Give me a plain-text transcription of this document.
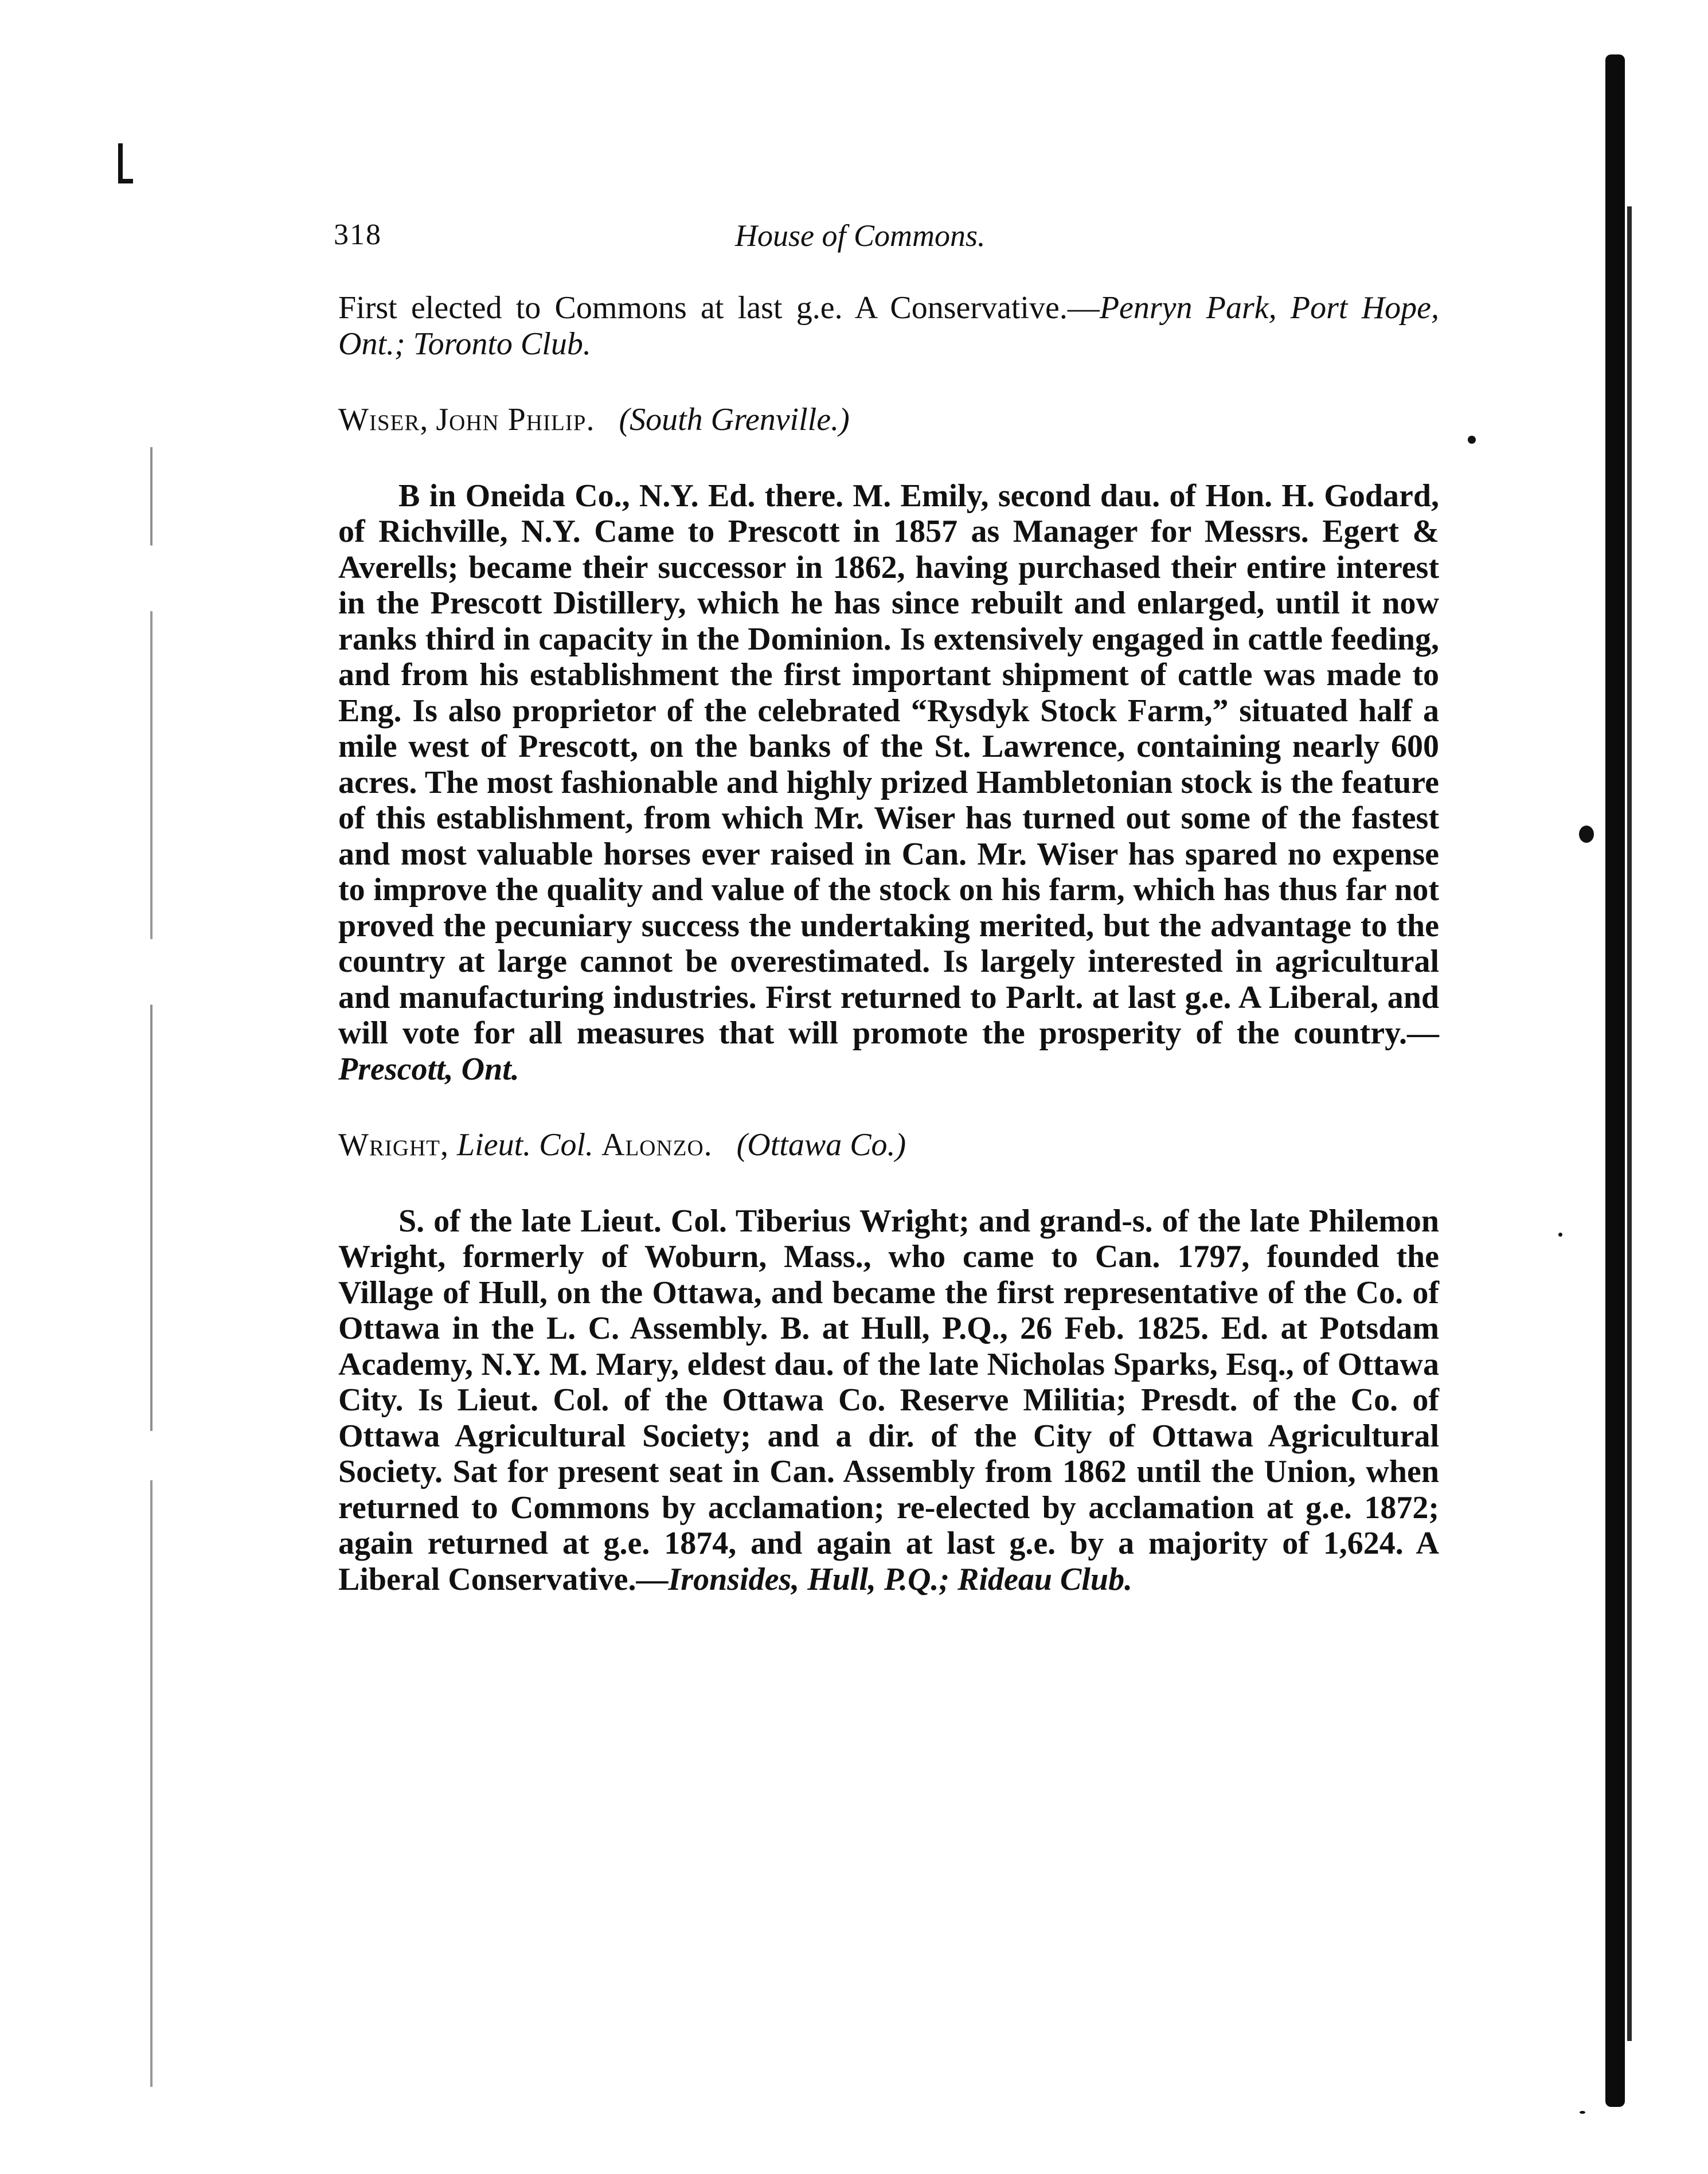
318	House of Commons.

First elected to Commons at last g.e. A Conservative.—Penryn Park, Port Hope, Ont.; Toronto Club.

Wiser, John Philip. (South Grenville.)

B in Oneida Co., N.Y. Ed. there. M. Emily, second dau. of Hon. H. Godard, of Richville, N.Y. Came to Prescott in 1857 as Manager for Messrs. Egert & Averells; became their successor in 1862, having purchased their entire interest in the Prescott Distillery, which he has since rebuilt and enlarged, until it now ranks third in capacity in the Dominion. Is extensively engaged in cattle feeding, and from his establishment the first important shipment of cattle was made to Eng. Is also proprietor of the celebrated “Rysdyk Stock Farm,” situated half a mile west of Prescott, on the banks of the St. Lawrence, containing nearly 600 acres. The most fashionable and highly prized Hambletonian stock is the feature of this establishment, from which Mr. Wiser has turned out some of the fastest and most valuable horses ever raised in Can. Mr. Wiser has spared no expense to improve the quality and value of the stock on his farm, which has thus far not proved the pecuniary success the undertaking merited, but the advantage to the country at large cannot be overestimated. Is largely interested in agricultural and manufacturing industries. First returned to Parlt. at last g.e. A Liberal, and will vote for all measures that will promote the prosperity of the country.—Prescott, Ont.

Wright, Lieut. Col. Alonzo. (Ottawa Co.)

S. of the late Lieut. Col. Tiberius Wright; and grand-s. of the late Philemon Wright, formerly of Woburn, Mass., who came to Can. 1797, founded the Village of Hull, on the Ottawa, and became the first representative of the Co. of Ottawa in the L. C. Assembly. B. at Hull, P.Q., 26 Feb. 1825. Ed. at Potsdam Academy, N.Y. M. Mary, eldest dau. of the late Nicholas Sparks, Esq., of Ottawa City. Is Lieut. Col. of the Ottawa Co. Reserve Militia; Presdt. of the Co. of Ottawa Agricultural Society; and a dir. of the City of Ottawa Agricultural Society. Sat for present seat in Can. Assembly from 1862 until the Union, when returned to Commons by acclamation; re-elected by acclamation at g.e. 1872; again returned at g.e. 1874, and again at last g.e. by a majority of 1,624. A Liberal Conservative.—Ironsides, Hull, P.Q.; Rideau Club.
